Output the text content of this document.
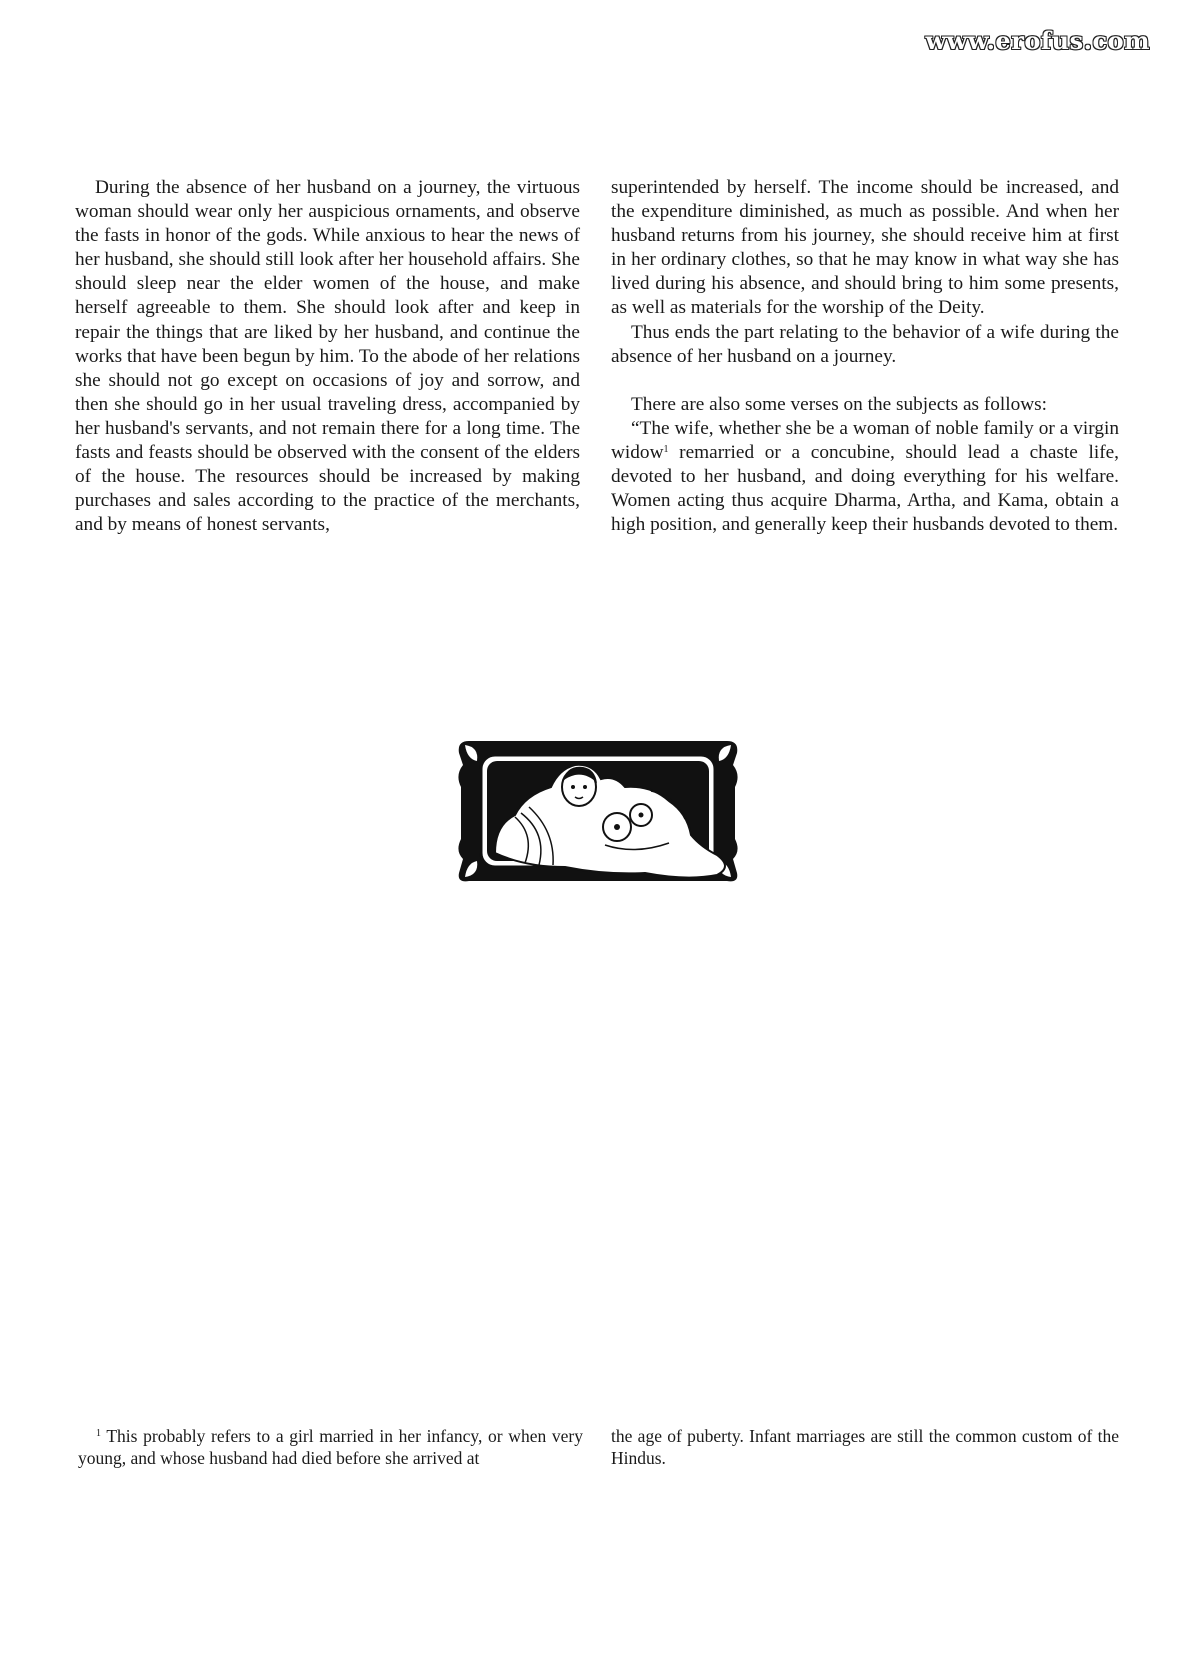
www.erofus.com

During the absence of her husband on a journey, the virtuous woman should wear only her auspicious ornaments, and observe the fasts in honor of the gods. While anxious to hear the news of her husband, she should still look after her household affairs. She should sleep near the elder women of the house, and make herself agreeable to them. She should look after and keep in repair the things that are liked by her husband, and continue the works that have been begun by him. To the abode of her relations she should not go except on occasions of joy and sorrow, and then she should go in her usual traveling dress, accompanied by her husband's servants, and not remain there for a long time. The fasts and feasts should be observed with the consent of the elders of the house. The resources should be increased by making purchases and sales according to the practice of the merchants, and by means of honest servants,

superintended by herself. The income should be increased, and the expenditure diminished, as much as possible. And when her husband returns from his journey, she should receive him at first in her ordinary clothes, so that he may know in what way she has lived during his absence, and should bring to him some presents, as well as materials for the worship of the Deity.

Thus ends the part relating to the behavior of a wife during the absence of her husband on a journey.

There are also some verses on the subjects as follows:

“The wife, whether she be a woman of noble family or a virgin widow$^1$ remarried or a concubine, should lead a chaste life, devoted to her husband, and doing everything for his welfare. Women acting thus acquire Dharma, Artha, and Kama, obtain a high position, and generally keep their husbands devoted to them.

$^1$ This probably refers to a girl married in her infancy, or when very young, and whose husband had died before she arrived at

the age of puberty. Infant marriages are still the common custom of the Hindus.
